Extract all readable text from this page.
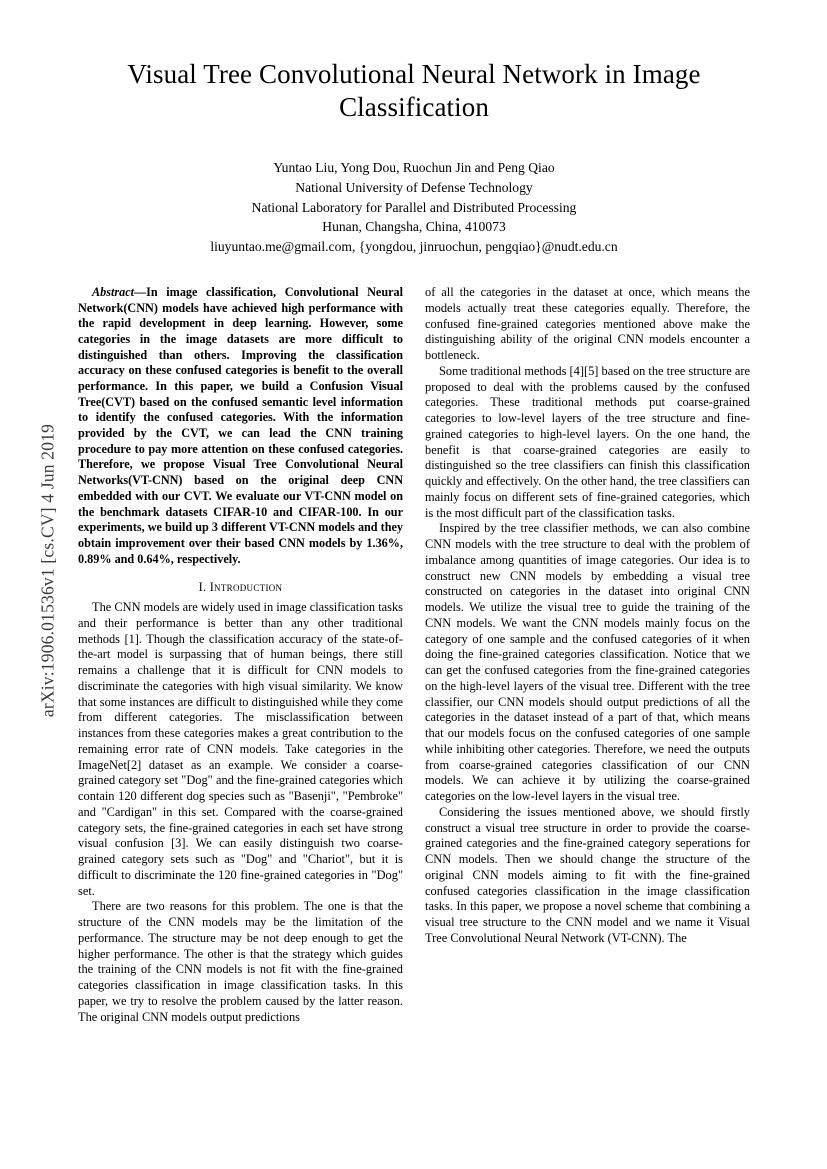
arXiv:1906.01536v1 [cs.CV] 4 Jun 2019
Visual Tree Convolutional Neural Network in Image Classification
Yuntao Liu, Yong Dou, Ruochun Jin and Peng Qiao
National University of Defense Technology
National Laboratory for Parallel and Distributed Processing
Hunan, Changsha, China, 410073
liuyuntao.me@gmail.com, {yongdou, jinruochun, pengqiao}@nudt.edu.cn

Abstract—In image classification, Convolutional Neural Network(CNN) models have achieved high performance with the rapid development in deep learning. However, some categories in the image datasets are more difficult to distinguished than others. Improving the classification accuracy on these confused categories is benefit to the overall performance. In this paper, we build a Confusion Visual Tree(CVT) based on the confused semantic level information to identify the confused categories. With the information provided by the CVT, we can lead the CNN training procedure to pay more attention on these confused categories. Therefore, we propose Visual Tree Convolutional Neural Networks(VT-CNN) based on the original deep CNN embedded with our CVT. We evaluate our VT-CNN model on the benchmark datasets CIFAR-10 and CIFAR-100. In our experiments, we build up 3 different VT-CNN models and they obtain improvement over their based CNN models by 1.36%, 0.89% and 0.64%, respectively.

I. Introduction

The CNN models are widely used in image classification tasks and their performance is better than any other traditional methods [1]. Though the classification accuracy of the state-of-the-art model is surpassing that of human beings, there still remains a challenge that it is difficult for CNN models to discriminate the categories with high visual similarity. We know that some instances are difficult to distinguished while they come from different categories. The misclassification between instances from these categories makes a great contribution to the remaining error rate of CNN models. Take categories in the ImageNet[2] dataset as an example. We consider a coarse-grained category set "Dog" and the fine-grained categories which contain 120 different dog species such as "Basenji", "Pembroke" and "Cardigan" in this set. Compared with the coarse-grained category sets, the fine-grained categories in each set have strong visual confusion [3]. We can easily distinguish two coarse-grained category sets such as "Dog" and "Chariot", but it is difficult to discriminate the 120 fine-grained categories in "Dog" set.

There are two reasons for this problem. The one is that the structure of the CNN models may be the limitation of the performance. The structure may be not deep enough to get the higher performance. The other is that the strategy which guides the training of the CNN models is not fit with the fine-grained categories classification in image classification tasks. In this paper, we try to resolve the problem caused by the latter reason. The original CNN models output predictions

of all the categories in the dataset at once, which means the models actually treat these categories equally. Therefore, the confused fine-grained categories mentioned above make the distinguishing ability of the original CNN models encounter a bottleneck.

Some traditional methods [4][5] based on the tree structure are proposed to deal with the problems caused by the confused categories. These traditional methods put coarse-grained categories to low-level layers of the tree structure and fine-grained categories to high-level layers. On the one hand, the benefit is that coarse-grained categories are easily to distinguished so the tree classifiers can finish this classification quickly and effectively. On the other hand, the tree classifiers can mainly focus on different sets of fine-grained categories, which is the most difficult part of the classification tasks.

Inspired by the tree classifier methods, we can also combine CNN models with the tree structure to deal with the problem of imbalance among quantities of image categories. Our idea is to construct new CNN models by embedding a visual tree constructed on categories in the dataset into original CNN models. We utilize the visual tree to guide the training of the CNN models. We want the CNN models mainly focus on the category of one sample and the confused categories of it when doing the fine-grained categories classification. Notice that we can get the confused categories from the fine-grained categories on the high-level layers of the visual tree. Different with the tree classifier, our CNN models should output predictions of all the categories in the dataset instead of a part of that, which means that our models focus on the confused categories of one sample while inhibiting other categories. Therefore, we need the outputs from coarse-grained categories classification of our CNN models. We can achieve it by utilizing the coarse-grained categories on the low-level layers in the visual tree.

Considering the issues mentioned above, we should firstly construct a visual tree structure in order to provide the coarse-grained categories and the fine-grained category seperations for CNN models. Then we should change the structure of the original CNN models aiming to fit with the fine-grained confused categories classification in the image classification tasks. In this paper, we propose a novel scheme that combining a visual tree structure to the CNN model and we name it Visual Tree Convolutional Neural Network (VT-CNN). The
